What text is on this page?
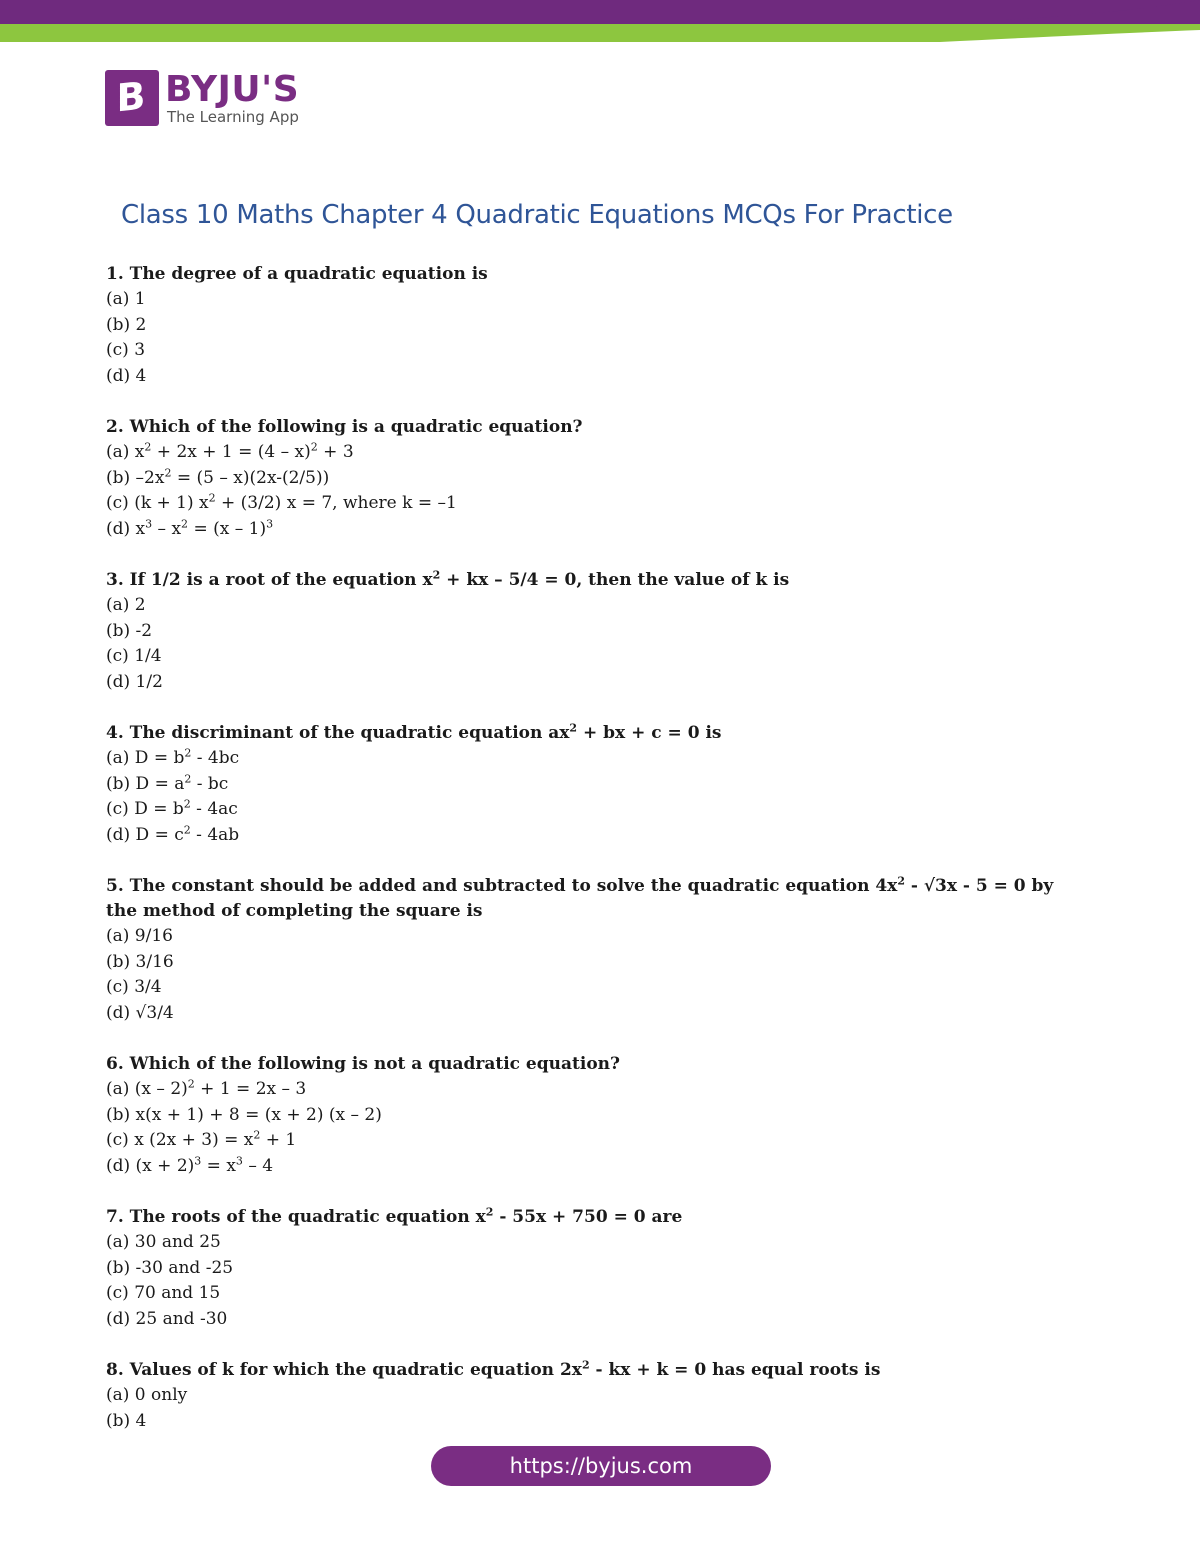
B BYJU'S
The Learning App
Class 10 Maths Chapter 4 Quadratic Equations MCQs For Practice
1. The degree of a quadratic equation is
(a) 1
(b) 2
(c) 3
(d) 4
2. Which of the following is a quadratic equation?
(a) $x^2 + 2x + 1 = (4 - x)^2 + 3$
(b) $-2x^2 = (5 - x)(2x-(2/5))$
(c) (k + 1) $x^2 + (3/2) x = 7$, where k = –1
(d) $x^3 - x^2 = (x - 1)^3$
3. If 1/2 is a root of the equation $x^2$ + kx – 5/4 = 0, then the value of k is
(a) 2
(b) -2
(c) 1/4
(d) 1/2
4. The discriminant of the quadratic equation $ax^2$ + bx + c = 0 is
(a) $D = b^2 - 4bc$
(b) $D = a^2$ - bc
(c) $D = b^2 - 4ac$
(d) $D = c^2 - 4ab$
5. The constant should be added and subtracted to solve the quadratic equation $4x^2 - √3x - 5 = 0$ by the method of completing the square is
(a) 9/16
(b) 3/16
(c) 3/4
(d) √3/4
6. Which of the following is not a quadratic equation?
(a) (x – 2)$^2$ + 1 = 2x – 3
(b) x(x + 1) + 8 = (x + 2) (x – 2)
(c) x $(2x + 3) = x^2 + 1$
(d) $(x + 2)^3 = x^3 - 4$
7. The roots of the quadratic equation $x^2 - 55x + 750 = 0$ are
(a) 30 and 25
(b) -30 and -25
(c) 70 and 15
(d) 25 and -30
8. Values of k for which the quadratic equation $2x^2$ - kx + k = 0 has equal roots is
(a) 0 only
(b) 4
https://byjus.com
